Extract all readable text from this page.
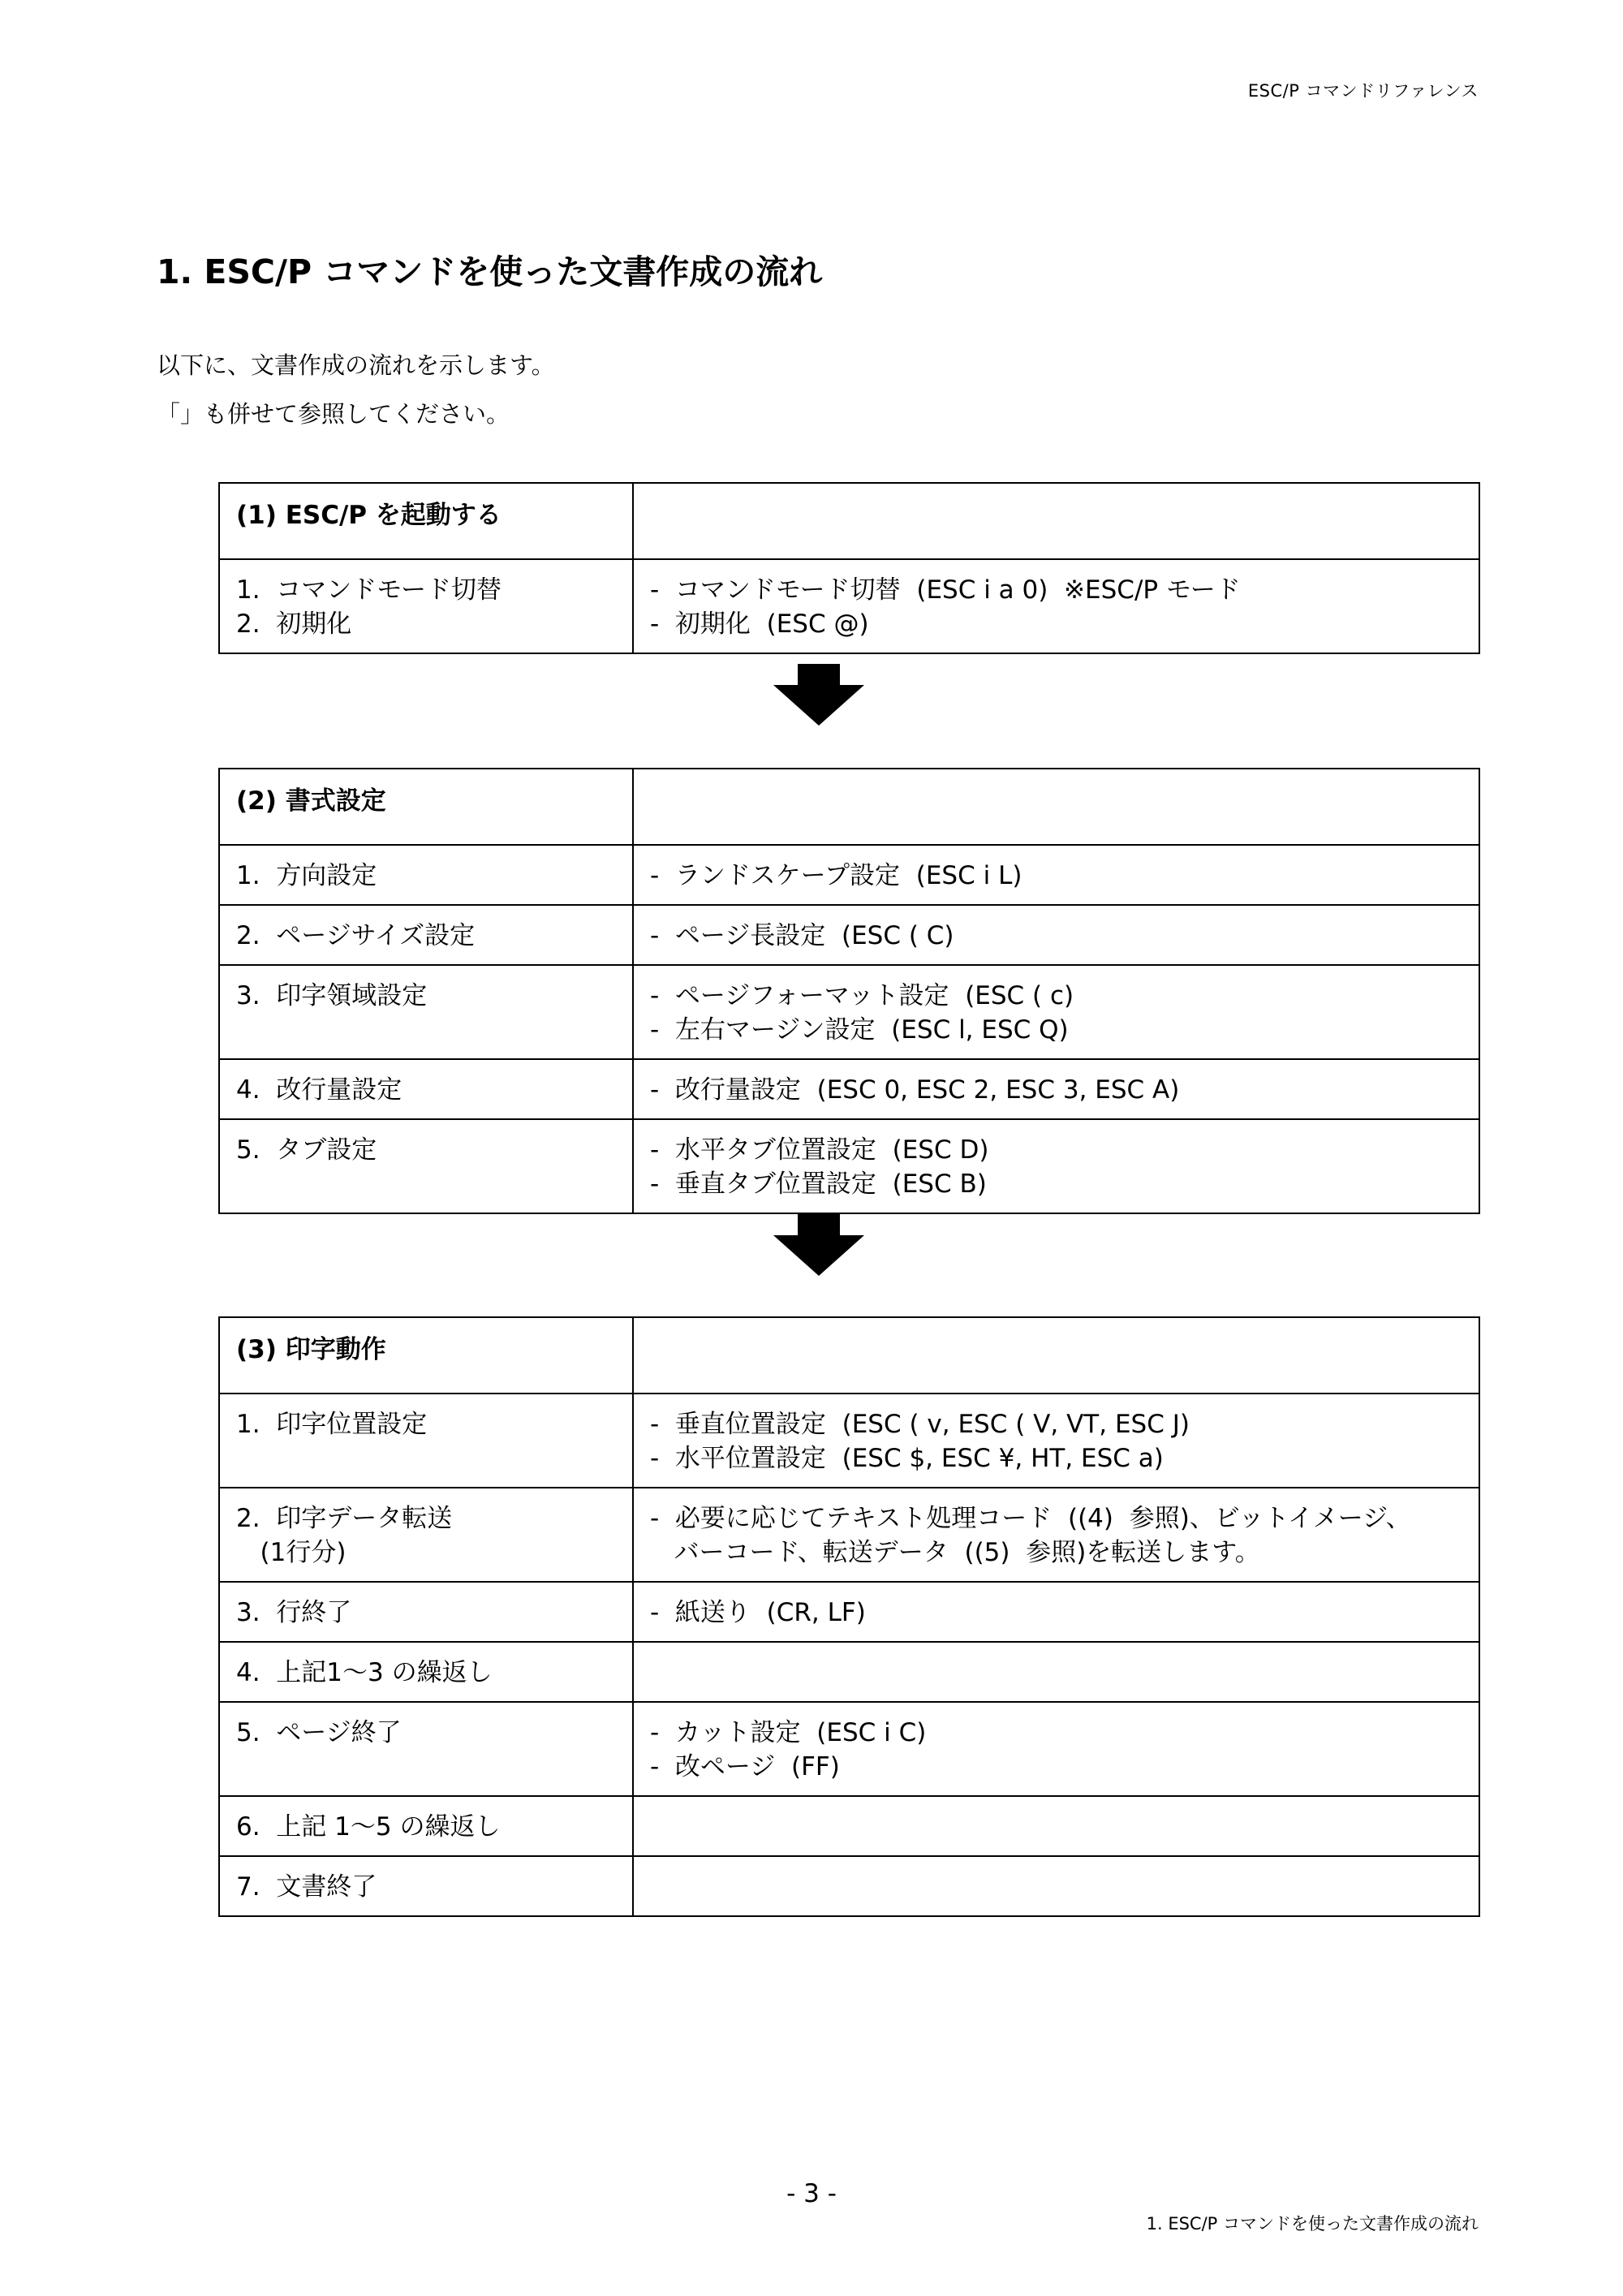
ESC/P コマンドリファレンス
1. ESC/P コマンドを使った文書作成の流れ

以下に、文書作成の流れを示します。

「」も併せて参照してください。

(1) ESC/P を起動する	

1.  コマンドモード切替
2.  初期化	-  コマンドモード切替  (ESC i a 0)  ※ESC/P モード
-  初期化  (ESC @)
(2) 書式設定	

1.  方向設定	-  ランドスケープ設定  (ESC i L)

2.  ページサイズ設定	-  ページ長設定  (ESC ( C)

3.  印字領域設定	-  ページフォーマット設定  (ESC ( c)
-  左右マージン設定  (ESC l, ESC Q)

4.  改行量設定	-  改行量設定  (ESC 0, ESC 2, ESC 3, ESC A)

5.  タブ設定	-  水平タブ位置設定  (ESC D)
-  垂直タブ位置設定  (ESC B)
(3) 印字動作	

1.  印字位置設定	-  垂直位置設定  (ESC ( v, ESC ( V, VT, ESC J)
-  水平位置設定  (ESC $, ESC ¥, HT, ESC a)

2.  印字データ転送
(1行分)	-  必要に応じてテキスト処理コード  ((4)  参照)、ビットイメージ、
バーコード、転送データ  ((5)  参照)を転送します。

3.  行終了	-  紙送り  (CR, LF)

4.  上記1～3 の繰返し	

5.  ページ終了	-  カット設定  (ESC i C)
-  改ページ  (FF)

6.  上記 1～5 の繰返し	

7.  文書終了	

- 3 -
1. ESC/P コマンドを使った文書作成の流れ
